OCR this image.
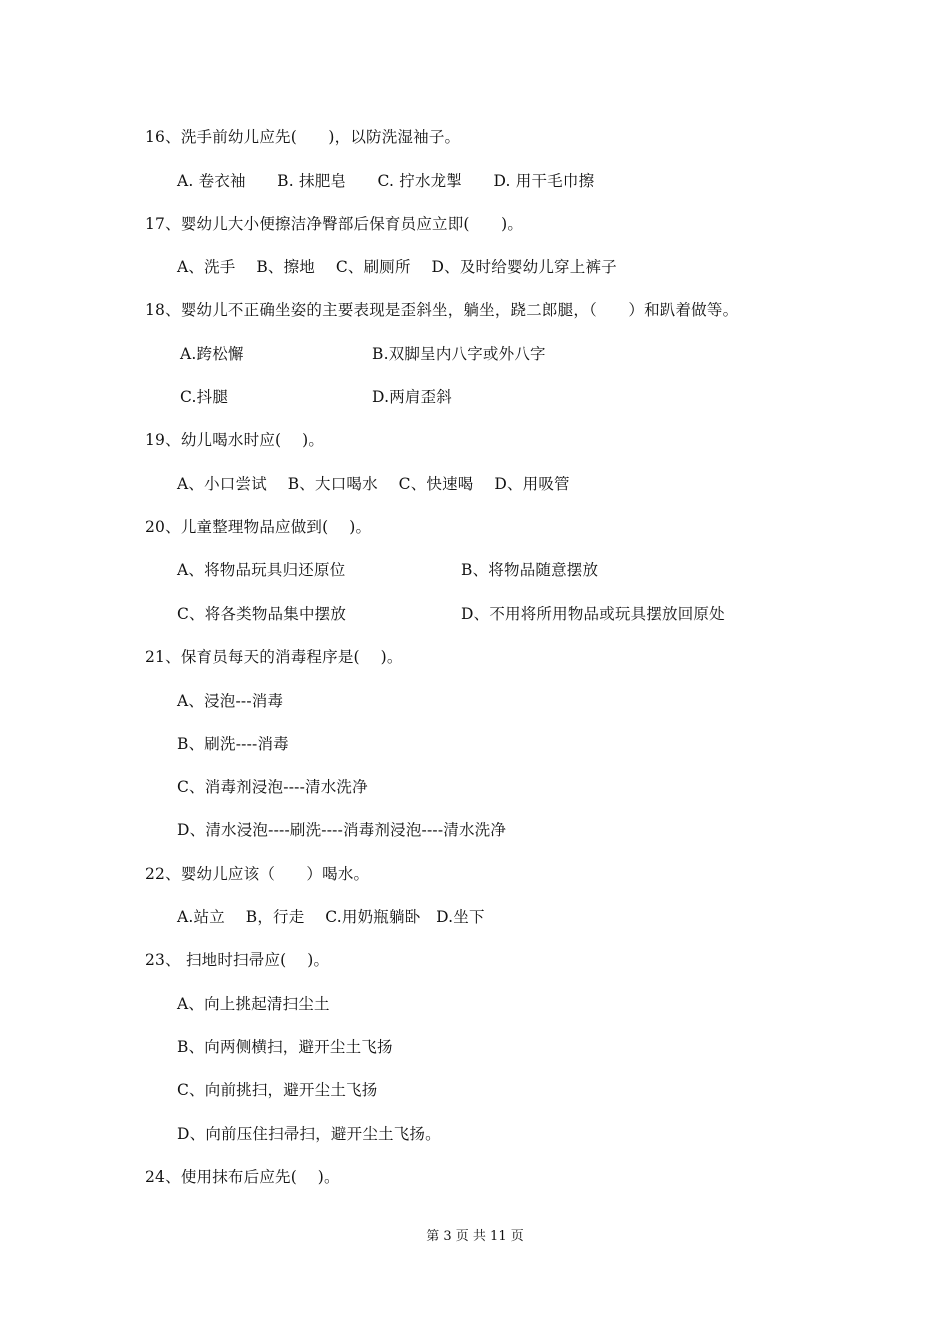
16、洗手前幼儿应先(　　)，以防洗湿袖子。
A. 卷衣袖　　B. 抹肥皂　　C. 拧水龙掣　　D. 用干毛巾擦
17、婴幼儿大小便擦洁净臀部后保育员应立即(　　)。
A、洗手　 B、擦地　 C、刷厕所　 D、及时给婴幼儿穿上裤子
18、婴幼儿不正确坐姿的主要表现是歪斜坐，躺坐，跷二郎腿，（　　）和趴着做等。
A.跨松懈	B.双脚呈内八字或外八字
C.抖腿	D.两肩歪斜
19、幼儿喝水时应(　 )。
A、小口尝试　 B、大口喝水　 C、快速喝　 D、用吸管
20、儿童整理物品应做到(　 )。
A、将物品玩具归还原位	B、将物品随意摆放
C、将各类物品集中摆放	D、不用将所用物品或玩具摆放回原处
21、保育员每天的消毒程序是(　 )。
A、浸泡---消毒
B、刷洗----消毒
C、消毒剂浸泡----清水洗净
D、清水浸泡----刷洗----消毒剂浸泡----清水洗净
22、婴幼儿应该（　　）喝水。
A.站立　 B，行走　 C.用奶瓶躺卧　D.坐下
23、 扫地时扫帚应(　 )。
A、向上挑起清扫尘土
B、向两侧横扫，避开尘土飞扬
C、向前挑扫，避开尘土飞扬
D、向前压住扫帚扫，避开尘土飞扬。
24、使用抹布后应先(　 )。
第 3 页 共 11 页
